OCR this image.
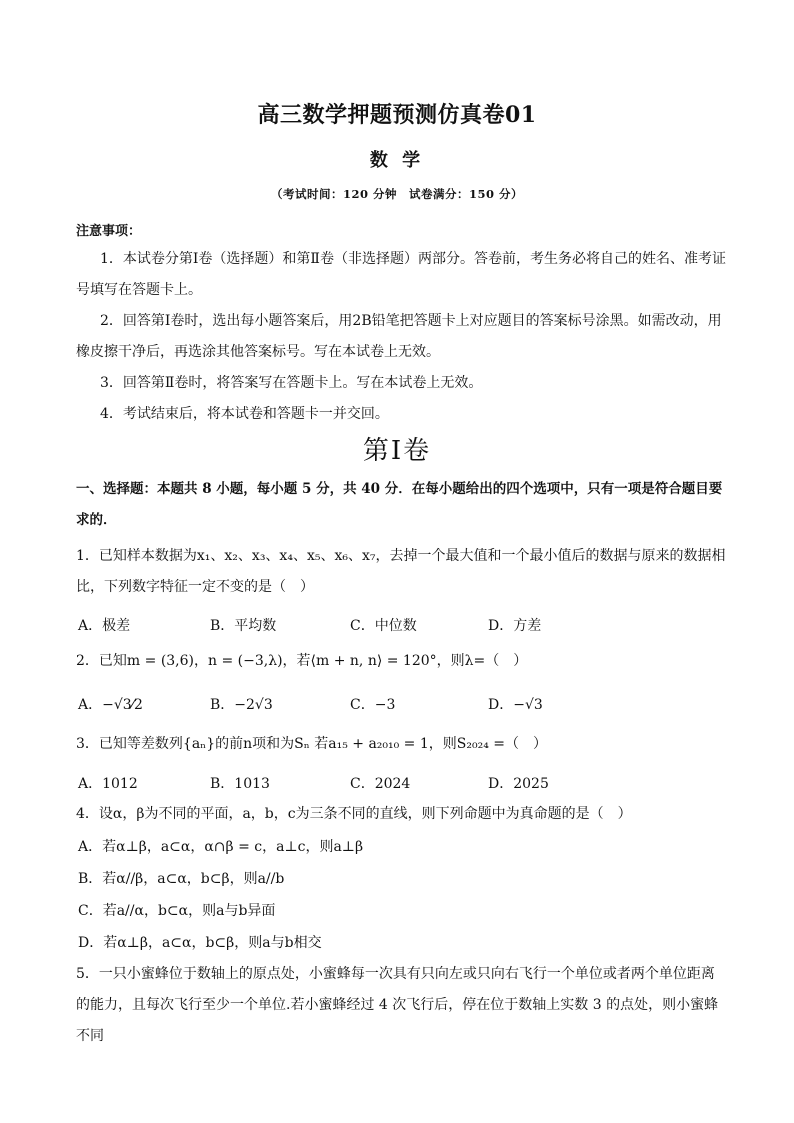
高三数学押题预测仿真卷01
数 学
（考试时间：120 分钟　试卷满分：150 分）
注意事项：
1．本试卷分第Ⅰ卷（选择题）和第Ⅱ卷（非选择题）两部分。答卷前，考生务必将自己的姓名、准考证号填写在答题卡上。
2．回答第Ⅰ卷时，选出每小题答案后，用2B铅笔把答题卡上对应题目的答案标号涂黑。如需改动，用橡皮擦干净后，再选涂其他答案标号。写在本试卷上无效。
3．回答第Ⅱ卷时，将答案写在答题卡上。写在本试卷上无效。
4．考试结束后，将本试卷和答题卡一并交回。
第Ⅰ卷
一、选择题：本题共 8 小题，每小题 5 分，共 40 分．在每小题给出的四个选项中，只有一项是符合题目要求的．
1．已知样本数据为x₁、x₂、x₃、x₄、x₅、x₆、x₇，去掉一个最大值和一个最小值后的数据与原来的数据相比，下列数字特征一定不变的是（　）
A．极差	B．平均数	C．中位数	D．方差
2．已知m = (3,6)，n = (−3,λ)，若⟨m + n, n⟩ = 120°，则λ=（　）
A．−√3⁄2	B．−2√3	C．−3	D．−√3
3．已知等差数列{aₙ}的前n项和为Sₙ 若a₁₅ + a₂₀₁₀ = 1，则S₂₀₂₄ =（　）
A．1012	B．1013	C．2024	D．2025
4．设α，β为不同的平面，a，b，c为三条不同的直线，则下列命题中为真命题的是（　）
A．若α⊥β，a⊂α，α∩β = c，a⊥c，则a⊥β
B．若α//β，a⊂α，b⊂β，则a//b
C．若a//α，b⊂α，则a与b异面
D．若α⊥β，a⊂α，b⊂β，则a与b相交
5．一只小蜜蜂位于数轴上的原点处，小蜜蜂每一次具有只向左或只向右飞行一个单位或者两个单位距离的能力，且每次飞行至少一个单位.若小蜜蜂经过 4 次飞行后，停在位于数轴上实数 3 的点处，则小蜜蜂不同
